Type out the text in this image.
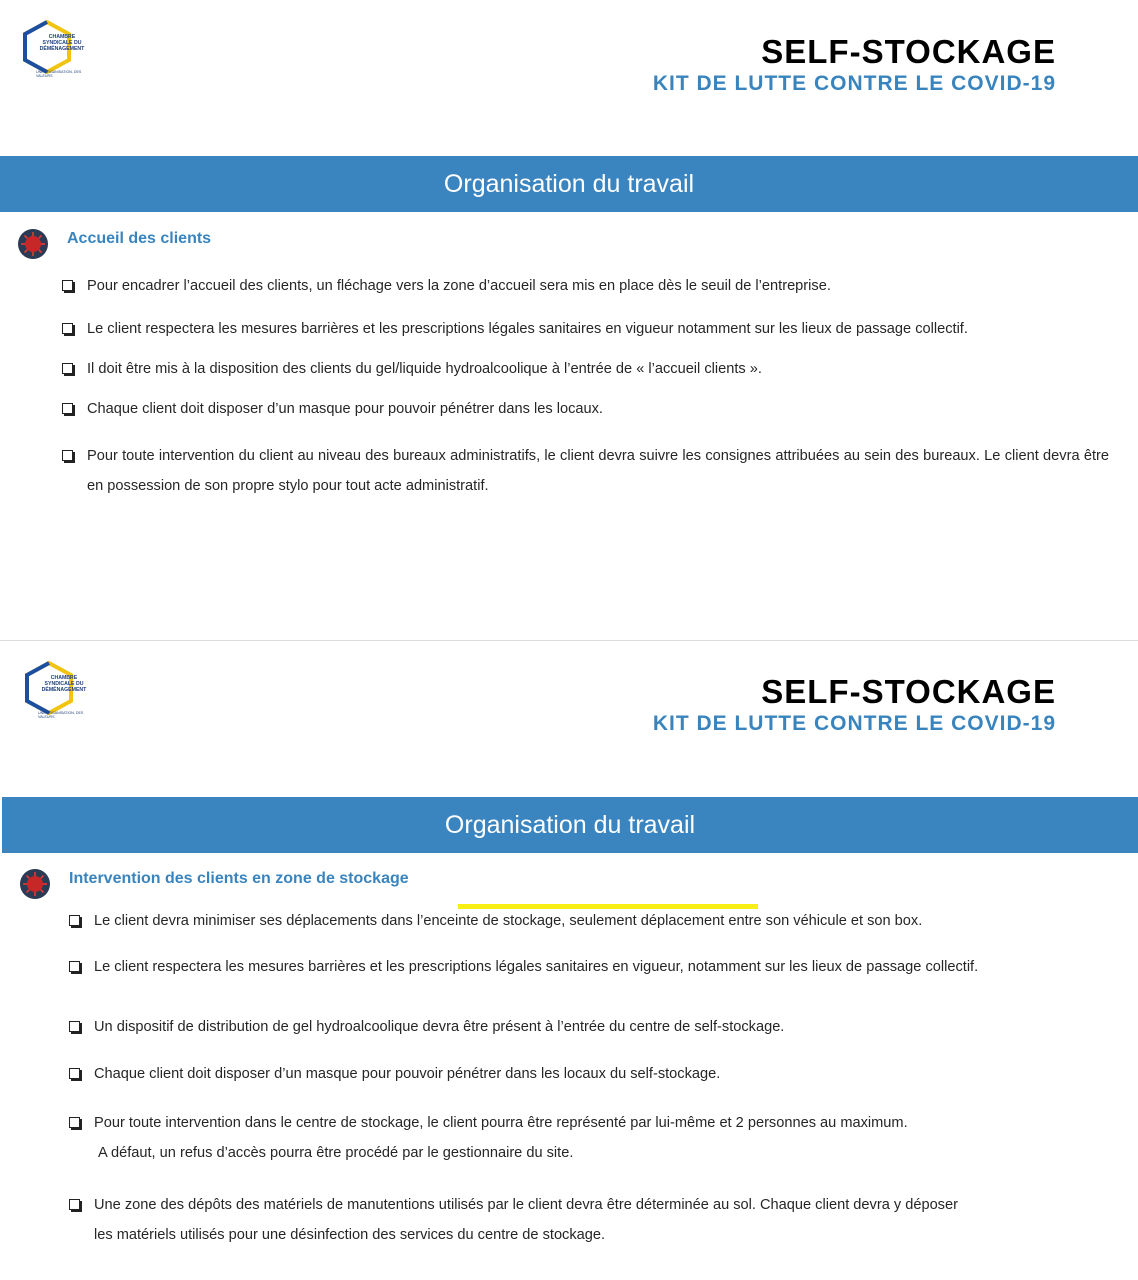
CHAMBRE
SYNDICALE DU
DÉMÉNAGEMENT
UNE ORGANISATION, DES VALEURS
SELF-STOCKAGE
KIT DE LUTTE CONTRE LE COVID-19
Organisation du travail
Accueil des clients
Pour encadrer l’accueil des clients, un fléchage vers la zone d’accueil sera mis en place dès le seuil de l’entreprise.
Le client respectera les mesures barrières et les prescriptions légales sanitaires en vigueur notamment sur les lieux de passage collectif.
Il doit être mis à la disposition des clients du gel/liquide hydroalcoolique à l’entrée de « l’accueil clients ».
Chaque client doit disposer d’un masque pour pouvoir pénétrer dans les locaux.
Pour toute intervention du client au niveau des bureaux administratifs, le client devra suivre les consignes attribuées au sein des bureaux. Le client devra être en possession de son propre stylo pour tout acte administratif.
CHAMBRE
SYNDICALE DU
DÉMÉNAGEMENT
UNE ORGANISATION, DES VALEURS
SELF-STOCKAGE
KIT DE LUTTE CONTRE LE COVID-19
Organisation du travail
Intervention des clients en zone de stockage
Le client devra minimiser ses déplacements dans l’enceinte de stockage, seulement déplacement entre son véhicule et son box.
Le client respectera les mesures barrières et les prescriptions légales sanitaires en vigueur, notamment sur les lieux de passage collectif.
Un dispositif de distribution de gel hydroalcoolique devra être présent à l’entrée du centre de self-stockage.
Chaque client doit disposer d’un masque pour pouvoir pénétrer dans les locaux du self-stockage.
Pour toute intervention dans le centre de stockage, le client pourra être représenté par lui-même et 2 personnes au maximum.
A défaut, un refus d’accès pourra être procédé par le gestionnaire du site.
Une zone des dépôts des matériels de manutentions utilisés par le client devra être déterminée au sol. Chaque client devra y déposer
les matériels utilisés pour une désinfection des services du centre de stockage.
